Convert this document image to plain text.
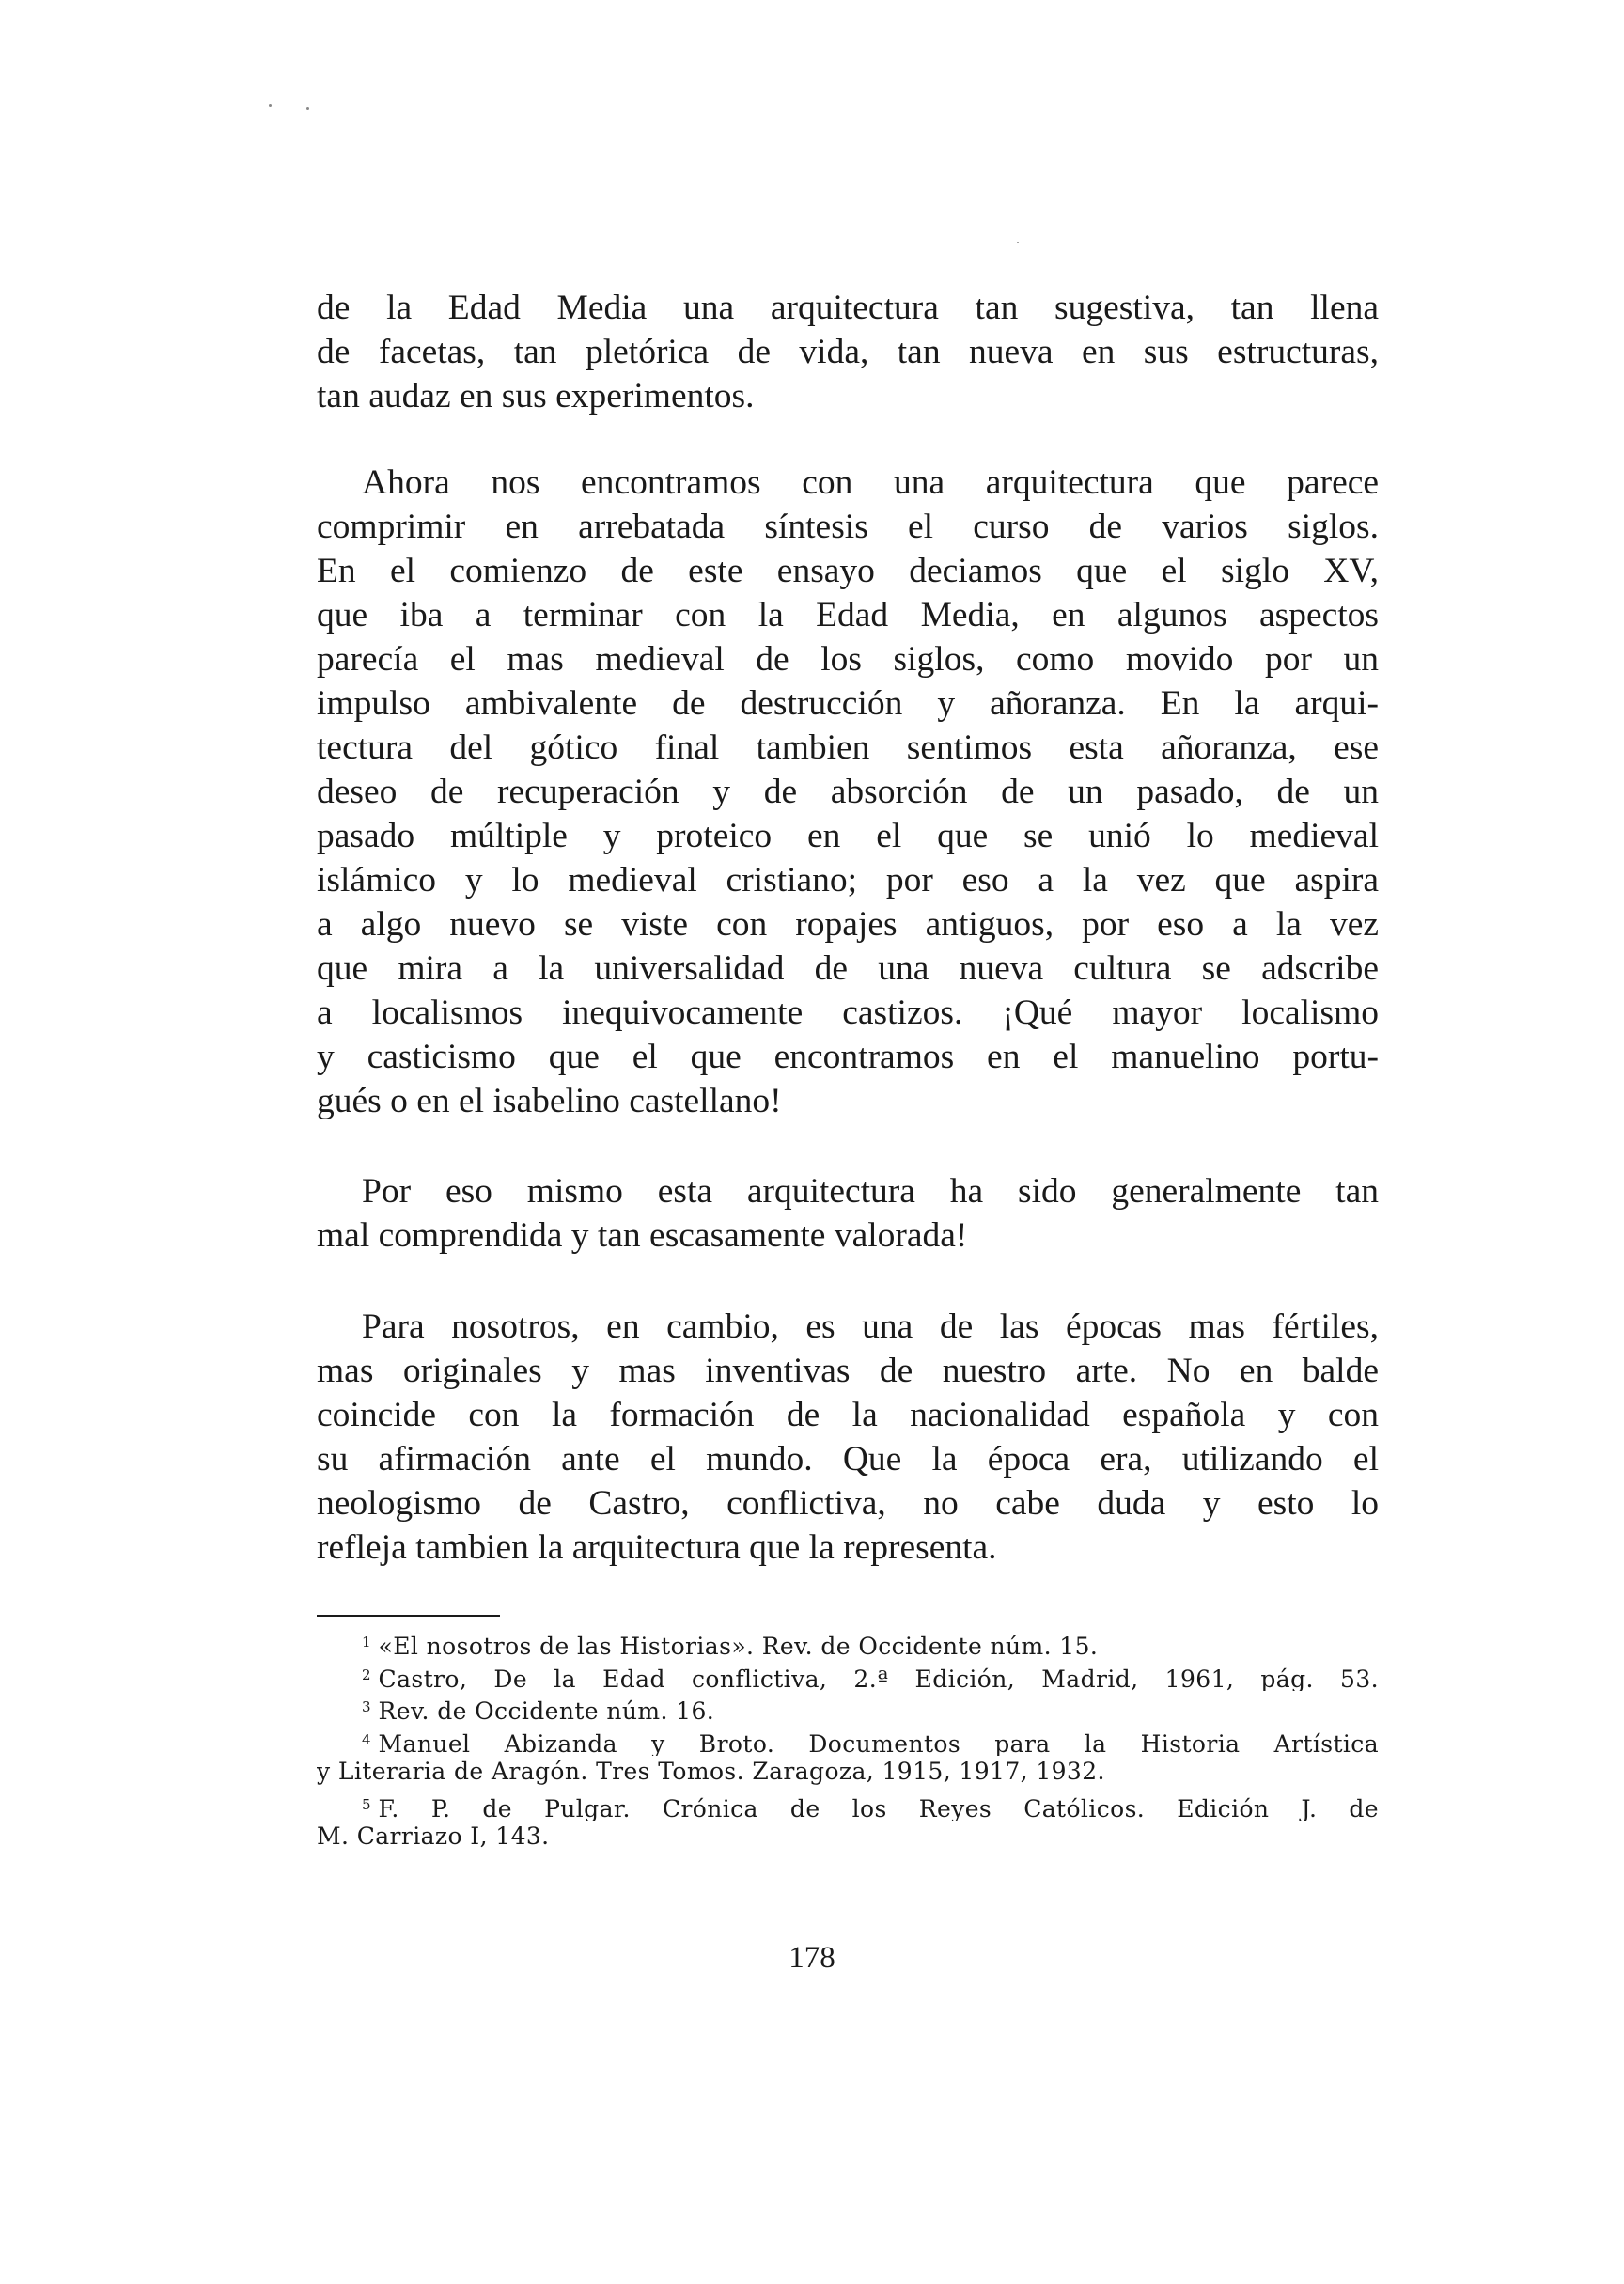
de la Edad Media una arquitectura tan sugestiva, tan llena
de facetas, tan pletórica de vida, tan nueva en sus estructuras,
tan audaz en sus experimentos.
Ahora nos encontramos con una arquitectura que parece
comprimir en arrebatada síntesis el curso de varios siglos.
En el comienzo de este ensayo deciamos que el siglo XV,
que iba a terminar con la Edad Media, en algunos aspectos
parecía el mas medieval de los siglos, como movido por un
impulso ambivalente de destrucción y añoranza. En la arqui-
tectura del gótico final tambien sentimos esta añoranza, ese
deseo de recuperación y de absorción de un pasado, de un
pasado múltiple y proteico en el que se unió lo medieval
islámico y lo medieval cristiano; por eso a la vez que aspira
a algo nuevo se viste con ropajes antiguos, por eso a la vez
que mira a la universalidad de una nueva cultura se adscribe
a localismos inequivocamente castizos. ¡Qué mayor localismo
y casticismo que el que encontramos en el manuelino portu-
gués o en el isabelino castellano!
Por eso mismo esta arquitectura ha sido generalmente tan
mal comprendida y tan escasamente valorada!
Para nosotros, en cambio, es una de las épocas mas fértiles,
mas originales y mas inventivas de nuestro arte. No en balde
coincide con la formación de la nacionalidad española y con
su afirmación ante el mundo. Que la época era, utilizando el
neologismo de Castro, conflictiva, no cabe duda y esto lo
refleja tambien la arquitectura que la representa.
$^1$ «El nosotros de las Historias». Rev. de Occidente núm. 15.
$^2$ Castro, De la Edad conflictiva, 2.ª Edición, Madrid, 1961, pág. 53.
$^3$ Rev. de Occidente núm. 16.
$^4$ Manuel Abizanda y Broto. Documentos para la Historia Artística
y Literaria de Aragón. Tres Tomos. Zaragoza, 1915, 1917, 1932.
$^5$ F. P. de Pulgar. Crónica de los Reyes Católicos. Edición J. de
M. Carriazo I, 143.
178
